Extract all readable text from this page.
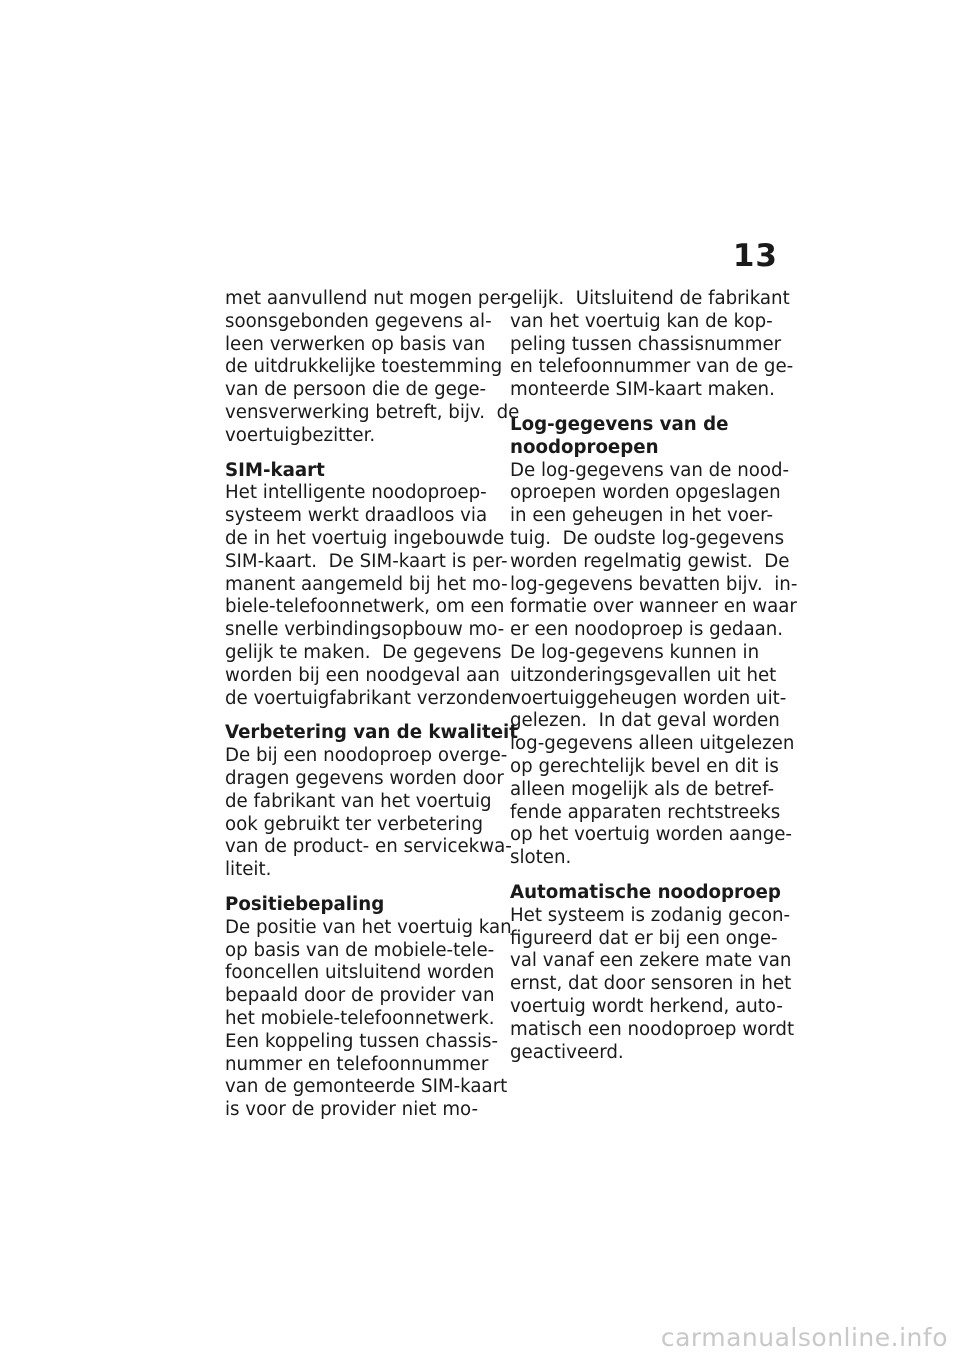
13
met aanvullend nut mogen per-
soonsgebonden gegevens al-
leen verwerken op basis van
de uitdrukkelijke toestemming
van de persoon die de gege-
vensverwerking betreft, bijv.  de
voertuigbezitter.
SIM-kaart
Het intelligente noodoproep-
systeem werkt draadloos via
de in het voertuig ingebouwde
SIM-kaart.  De SIM-kaart is per-
manent aangemeld bij het mo-
biele-telefoonnetwerk, om een
snelle verbindingsopbouw mo-
gelijk te maken.  De gegevens
worden bij een noodgeval aan
de voertuigfabrikant verzonden.
Verbetering van de kwaliteit
De bij een noodoproep overge-
dragen gegevens worden door
de fabrikant van het voertuig
ook gebruikt ter verbetering
van de product- en servicekwa-
liteit.
Positiebepaling
De positie van het voertuig kan
op basis van de mobiele-tele-
fooncellen uitsluitend worden
bepaald door de provider van
het mobiele-telefoonnetwerk.
Een koppeling tussen chassis-
nummer en telefoonnummer
van de gemonteerde SIM-kaart
is voor de provider niet mo-
gelijk.  Uitsluitend de fabrikant
van het voertuig kan de kop-
peling tussen chassisnummer
en telefoonnummer van de ge-
monteerde SIM-kaart maken.
Log-gegevens van de
noodoproepen
De log-gegevens van de nood-
oproepen worden opgeslagen
in een geheugen in het voer-
tuig.  De oudste log-gegevens
worden regelmatig gewist.  De
log-gegevens bevatten bijv.  in-
formatie over wanneer en waar
er een noodoproep is gedaan.
De log-gegevens kunnen in
uitzonderingsgevallen uit het
voertuiggeheugen worden uit-
gelezen.  In dat geval worden
log-gegevens alleen uitgelezen
op gerechtelijk bevel en dit is
alleen mogelijk als de betref-
fende apparaten rechtstreeks
op het voertuig worden aange-
sloten.
Automatische noodoproep
Het systeem is zodanig gecon-
figureerd dat er bij een onge-
val vanaf een zekere mate van
ernst, dat door sensoren in het
voertuig wordt herkend, auto-
matisch een noodoproep wordt
geactiveerd.
carmanualsonline.info
